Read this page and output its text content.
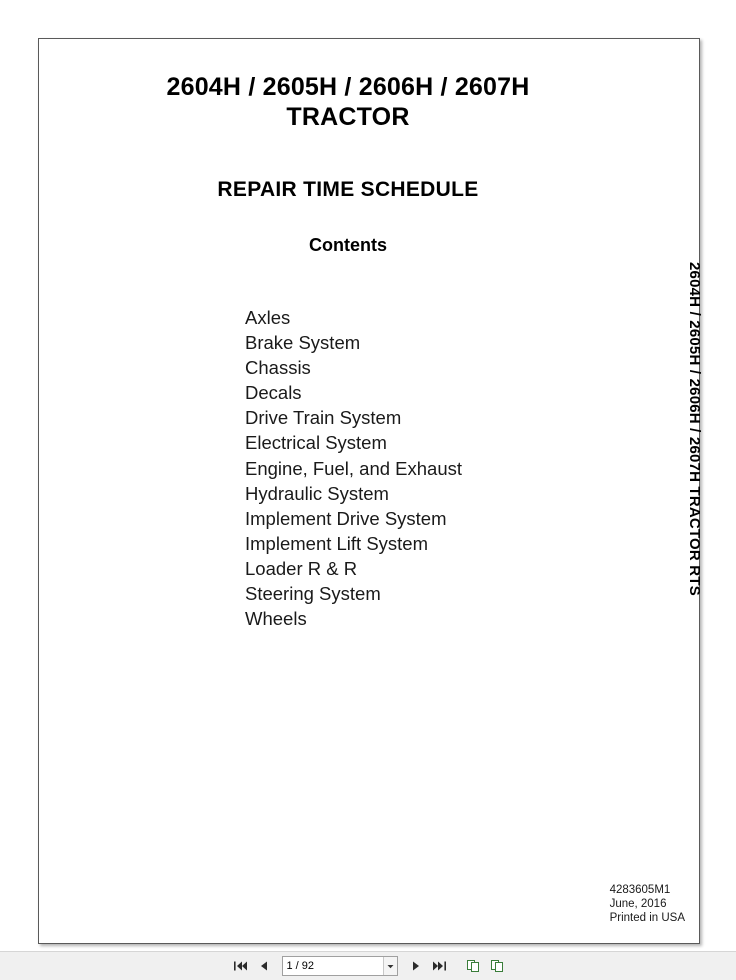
2604H / 2605H / 2606H / 2607H
TRACTOR
REPAIR TIME SCHEDULE
Contents
Axles
Brake System
Chassis
Decals
Drive Train System
Electrical System
Engine, Fuel, and Exhaust
Hydraulic System
Implement Drive System
Implement Lift System
Loader R & R
Steering System
Wheels
4283605M1
June, 2016
Printed in USA
2604H / 2605H / 2606H / 2607H TRACTOR RTS
1 / 92
